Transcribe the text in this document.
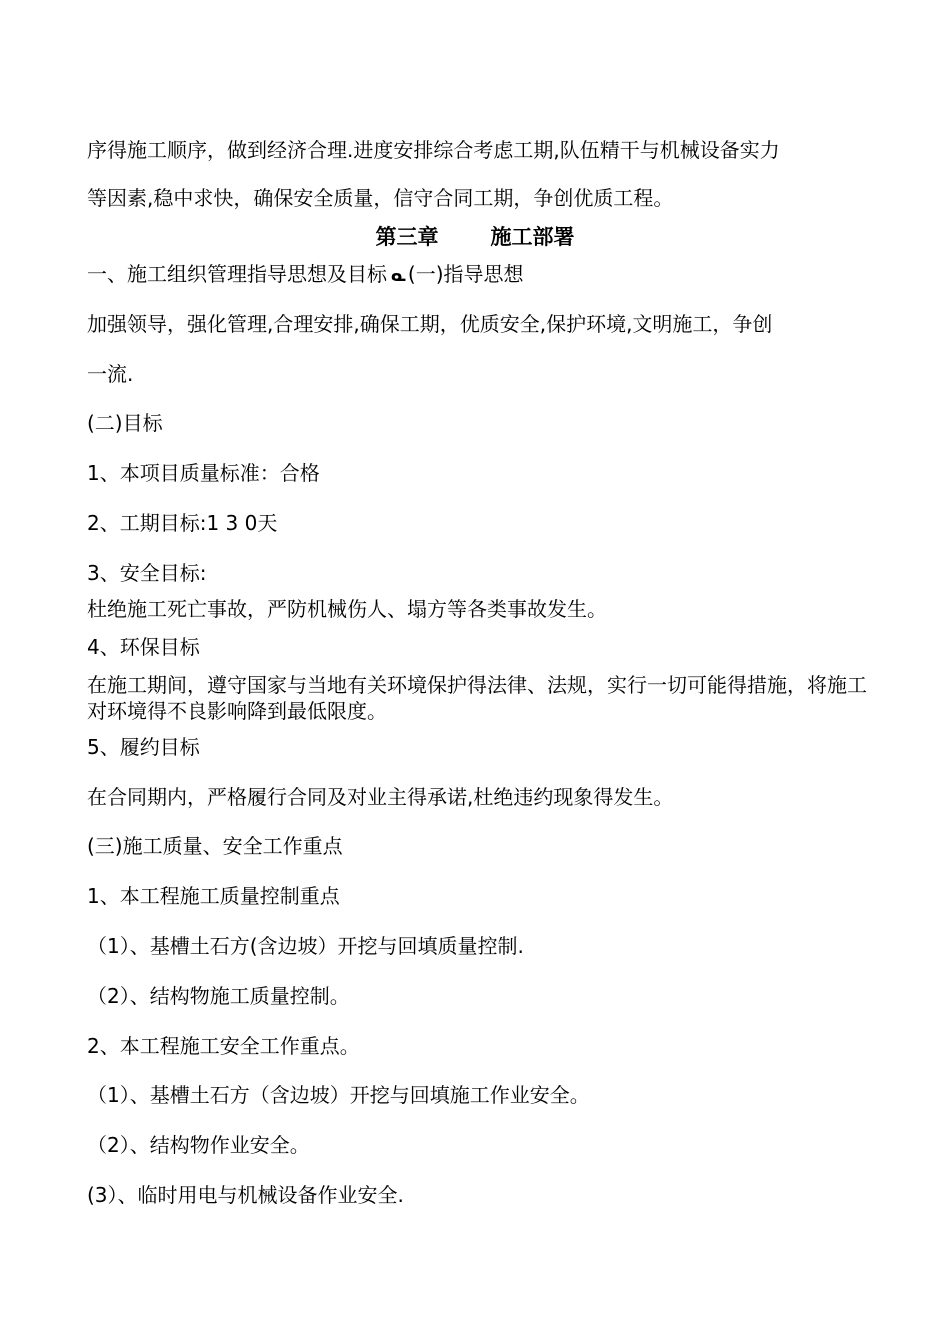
序得施工顺序，做到经济合理.进度安排综合考虑工期,队伍精干与机械设备实力
等因素,稳中求快，确保安全质量，信守合同工期，争创优质工程。
第三章 施工部署
一、施工组织管理指导思想及目标 ᓇ (一)指导思想
加强领导，强化管理,合理安排,确保工期，优质安全,保护环境,文明施工，争创
一流.
(二)目标
1、本项目质量标准：合格
2、工期目标:1 3 0天
3、安全目标:
杜绝施工死亡事故，严防机械伤人、塌方等各类事故发生。
4、环保目标
在施工期间，遵守国家与当地有关环境保护得法律、法规，实行一切可能得措施，将施工对环境得不良影响降到最低限度。
5、履约目标
在合同期内，严格履行合同及对业主得承诺,杜绝违约现象得发生。
(三)施工质量、安全工作重点
1、本工程施工质量控制重点
（1）、基槽土石方(含边坡）开挖与回填质量控制.
（2）、结构物施工质量控制。
2、本工程施工安全工作重点。
（1）、基槽土石方（含边坡）开挖与回填施工作业安全。
（2）、结构物作业安全。
(3）、临时用电与机械设备作业安全.
